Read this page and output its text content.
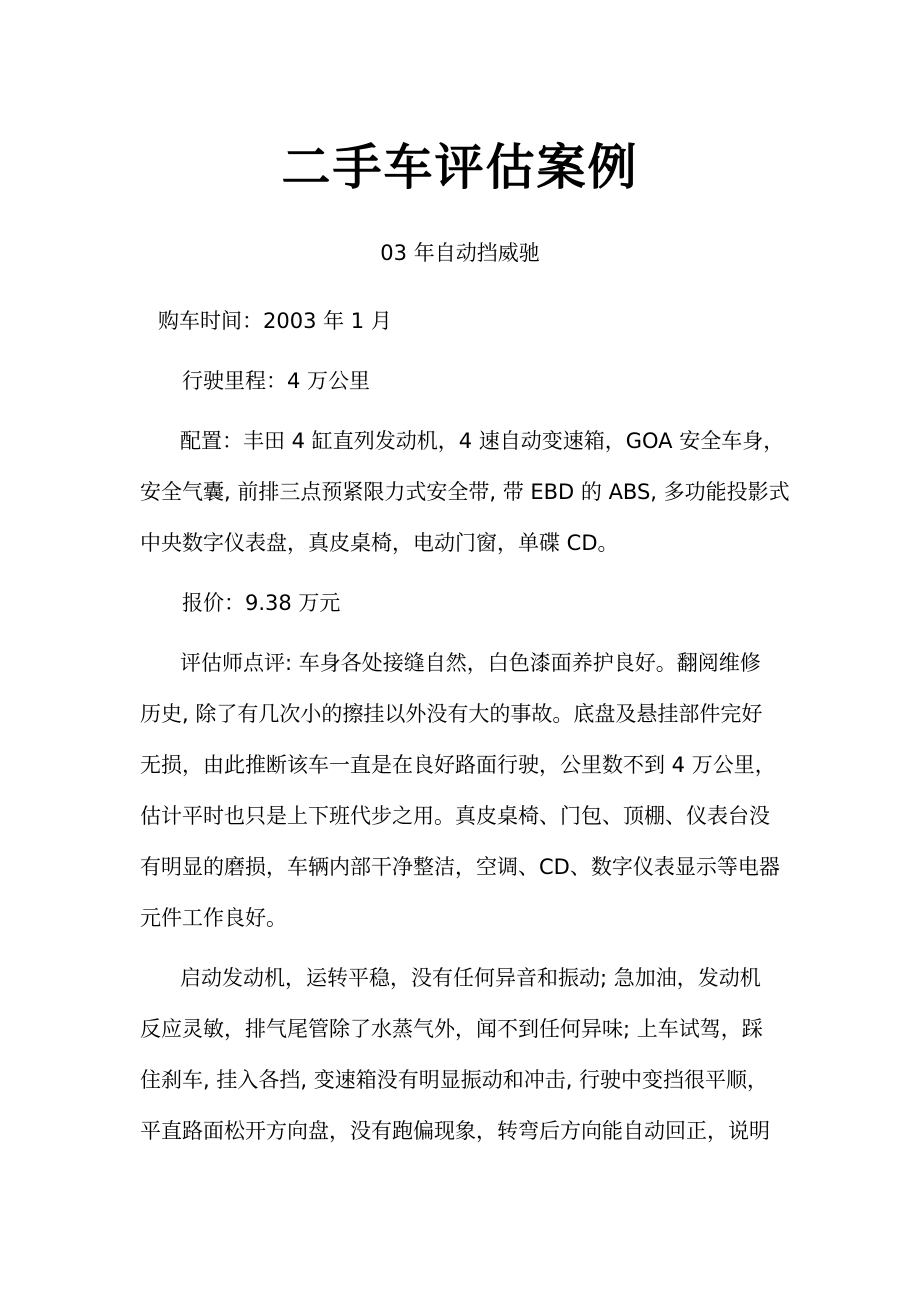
二手车评估案例
03 年自动挡威驰

购车时间：2003 年 1 月

行驶里程：4 万公里

配置：丰田 4 缸直列发动机，4 速自动变速箱，GOA 安全车身，
安全气囊, 前排三点预紧限力式安全带, 带 EBD 的 ABS, 多功能投影式
中央数字仪表盘，真皮桌椅，电动门窗，单碟 CD。

报价：9.38 万元

评估师点评: 车身各处接缝自然，白色漆面养护良好。翻阅维修
历史, 除了有几次小的擦挂以外没有大的事故。底盘及悬挂部件完好
无损，由此推断该车一直是在良好路面行驶，公里数不到 4 万公里，
估计平时也只是上下班代步之用。真皮桌椅、门包、顶棚、仪表台没
有明显的磨损，车辆内部干净整洁，空调、CD、数字仪表显示等电器
元件工作良好。

启动发动机，运转平稳，没有任何异音和振动; 急加油，发动机
反应灵敏，排气尾管除了水蒸气外，闻不到任何异味; 上车试驾，踩
住刹车, 挂入各挡, 变速箱没有明显振动和冲击, 行驶中变挡很平顺，
平直路面松开方向盘，没有跑偏现象，转弯后方向能自动回正，说明
